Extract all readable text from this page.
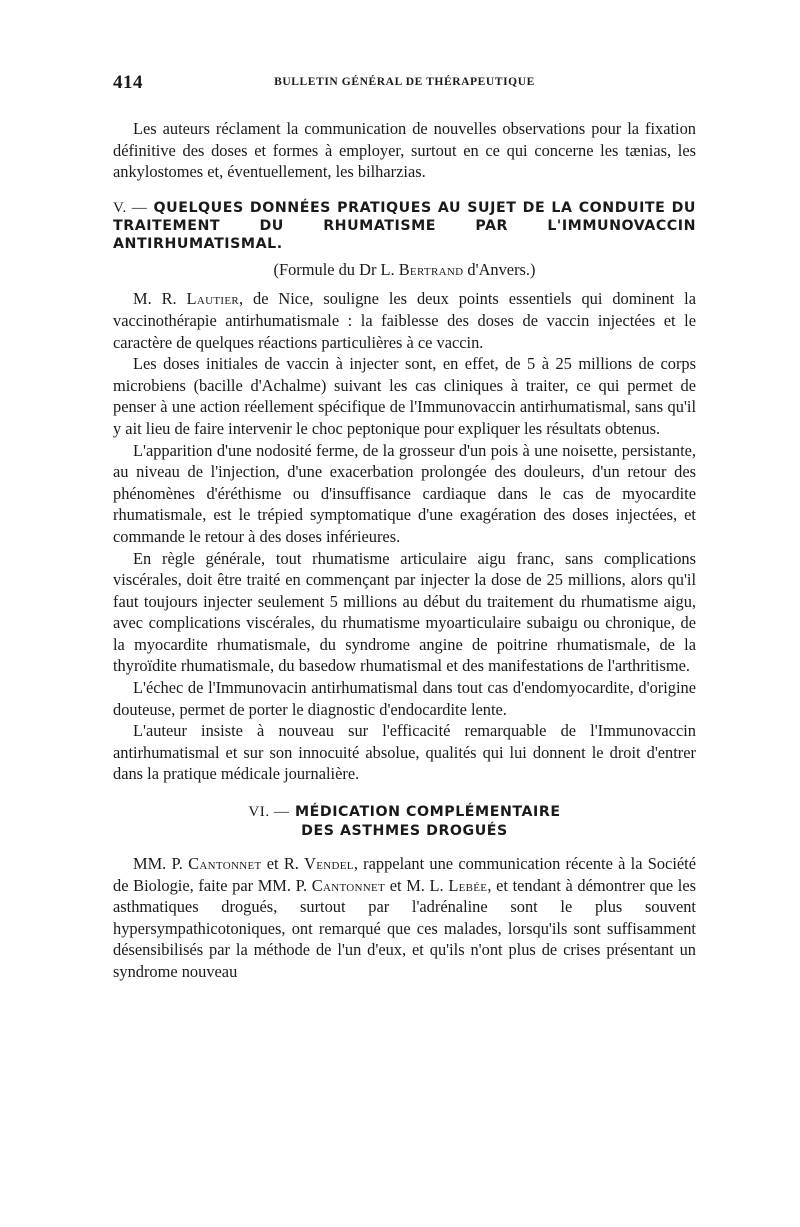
414	BULLETIN GÉNÉRAL DE THÉRAPEUTIQUE

Les auteurs réclament la communication de nouvelles observations pour la fixation définitive des doses et formes à employer, surtout en ce qui concerne les tænias, les ankylostomes et, éventuellement, les bilharzias.

V. — QUELQUES DONNÉES PRATIQUES AU SUJET DE LA CONDUITE DU TRAITEMENT DU RHUMATISME PAR L'IMMUNOVACCIN ANTIRHUMATISMAL.
(Formule du Dr L. Bertrand d'Anvers.)

M. R. Lautier, de Nice, souligne les deux points essentiels qui dominent la vaccinothérapie antirhumatismale : la faiblesse des doses de vaccin injectées et le caractère de quelques réactions particulières à ce vaccin.

Les doses initiales de vaccin à injecter sont, en effet, de 5 à 25 millions de corps microbiens (bacille d'Achalme) suivant les cas cliniques à traiter, ce qui permet de penser à une action réellement spécifique de l'Immunovaccin antirhumatismal, sans qu'il y ait lieu de faire intervenir le choc peptonique pour expliquer les résultats obtenus.

L'apparition d'une nodosité ferme, de la grosseur d'un pois à une noisette, persistante, au niveau de l'injection, d'une exacerbation prolongée des douleurs, d'un retour des phénomènes d'éréthisme ou d'insuffisance cardiaque dans le cas de myocardite rhumatismale, est le trépied symptomatique d'une exagération des doses injectées, et commande le retour à des doses inférieures.

En règle générale, tout rhumatisme articulaire aigu franc, sans complications viscérales, doit être traité en commençant par injecter la dose de 25 millions, alors qu'il faut toujours injecter seulement 5 millions au début du traitement du rhumatisme aigu, avec complications viscérales, du rhumatisme myoarticulaire subaigu ou chronique, de la myocardite rhumatismale, du syndrome angine de poitrine rhumatismale, de la thyroïdite rhumatismale, du basedow rhumatismal et des manifestations de l'arthritisme.

L'échec de l'Immunovacin antirhumatismal dans tout cas d'endomyocardite, d'origine douteuse, permet de porter le diagnostic d'endocardite lente.

L'auteur insiste à nouveau sur l'efficacité remarquable de l'Immunovaccin antirhumatismal et sur son innocuité absolue, qualités qui lui donnent le droit d'entrer dans la pratique médicale journalière.

VI. — MÉDICATION COMPLÉMENTAIRE
DES ASTHMES DROGUÉS

MM. P. Cantonnet et R. Vendel, rappelant une communication récente à la Société de Biologie, faite par MM. P. Cantonnet et M. L. Lebée, et tendant à démontrer que les asthmatiques drogués, surtout par l'adrénaline sont le plus souvent hypersympathicotoniques, ont remarqué que ces malades, lorsqu'ils sont suffisamment désensibilisés par la méthode de l'un d'eux, et qu'ils n'ont plus de crises présentant un syndrome nouveau
